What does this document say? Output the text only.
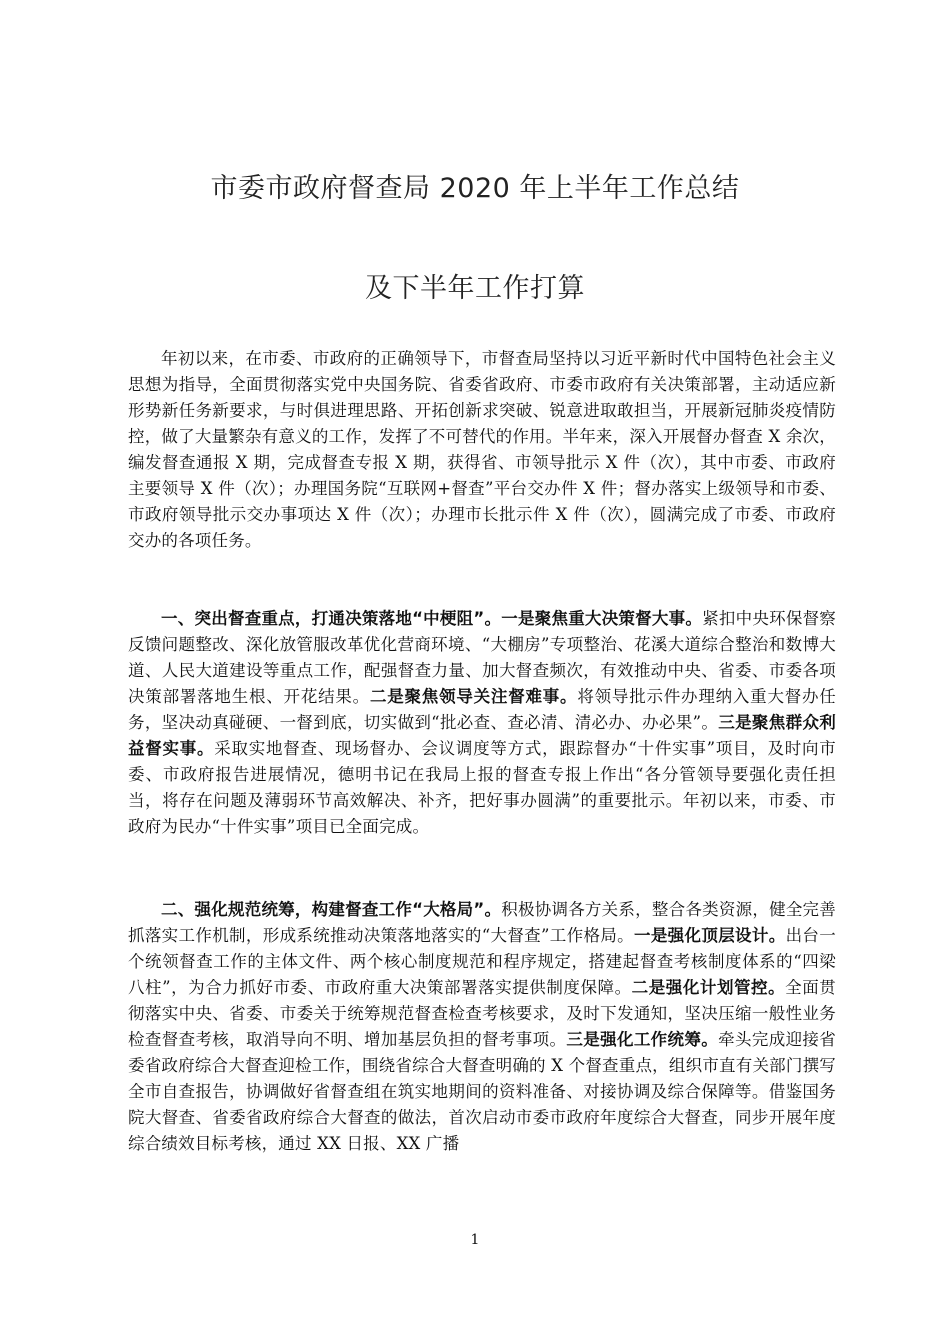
市委市政府督查局 2020 年上半年工作总结
及下半年工作打算

年初以来，在市委、市政府的正确领导下，市督查局坚持以习近平新时代中国特色社会主义思想为指导，全面贯彻落实党中央国务院、省委省政府、市委市政府有关决策部署，主动适应新形势新任务新要求，与时俱进理思路、开拓创新求突破、锐意进取敢担当，开展新冠肺炎疫情防控，做了大量繁杂有意义的工作，发挥了不可替代的作用。半年来，深入开展督办督查 X 余次，编发督查通报 X 期，完成督查专报 X 期，获得省、市领导批示 X 件（次），其中市委、市政府主要领导 X 件（次）；办理国务院“互联网+督查”平台交办件 X 件；督办落实上级领导和市委、市政府领导批示交办事项达 X 件（次）；办理市长批示件 X 件（次），圆满完成了市委、市政府交办的各项任务。

一、突出督查重点，打通决策落地“中梗阻”。一是聚焦重大决策督大事。紧扣中央环保督察反馈问题整改、深化放管服改革优化营商环境、“大棚房”专项整治、花溪大道综合整治和数博大道、人民大道建设等重点工作，配强督查力量、加大督查频次，有效推动中央、省委、市委各项决策部署落地生根、开花结果。二是聚焦领导关注督难事。将领导批示件办理纳入重大督办任务，坚决动真碰硬、一督到底，切实做到“批必查、查必清、清必办、办必果”。三是聚焦群众利益督实事。采取实地督查、现场督办、会议调度等方式，跟踪督办“十件实事”项目，及时向市委、市政府报告进展情况，德明书记在我局上报的督查专报上作出“各分管领导要强化责任担当，将存在问题及薄弱环节高效解决、补齐，把好事办圆满”的重要批示。年初以来，市委、市政府为民办“十件实事”项目已全面完成。

二、强化规范统筹，构建督查工作“大格局”。积极协调各方关系，整合各类资源，健全完善抓落实工作机制，形成系统推动决策落地落实的“大督查”工作格局。一是强化顶层设计。出台一个统领督查工作的主体文件、两个核心制度规范和程序规定，搭建起督查考核制度体系的“四梁八柱”，为合力抓好市委、市政府重大决策部署落实提供制度保障。二是强化计划管控。全面贯彻落实中央、省委、市委关于统筹规范督查检查考核要求，及时下发通知，坚决压缩一般性业务检查督查考核，取消导向不明、增加基层负担的督考事项。三是强化工作统筹。牵头完成迎接省委省政府综合大督查迎检工作，围绕省综合大督查明确的 X 个督查重点，组织市直有关部门撰写全市自查报告，协调做好省督查组在筑实地期间的资料准备、对接协调及综合保障等。借鉴国务院大督查、省委省政府综合大督查的做法，首次启动市委市政府年度综合大督查，同步开展年度综合绩效目标考核，通过 XX 日报、XX 广播

1
